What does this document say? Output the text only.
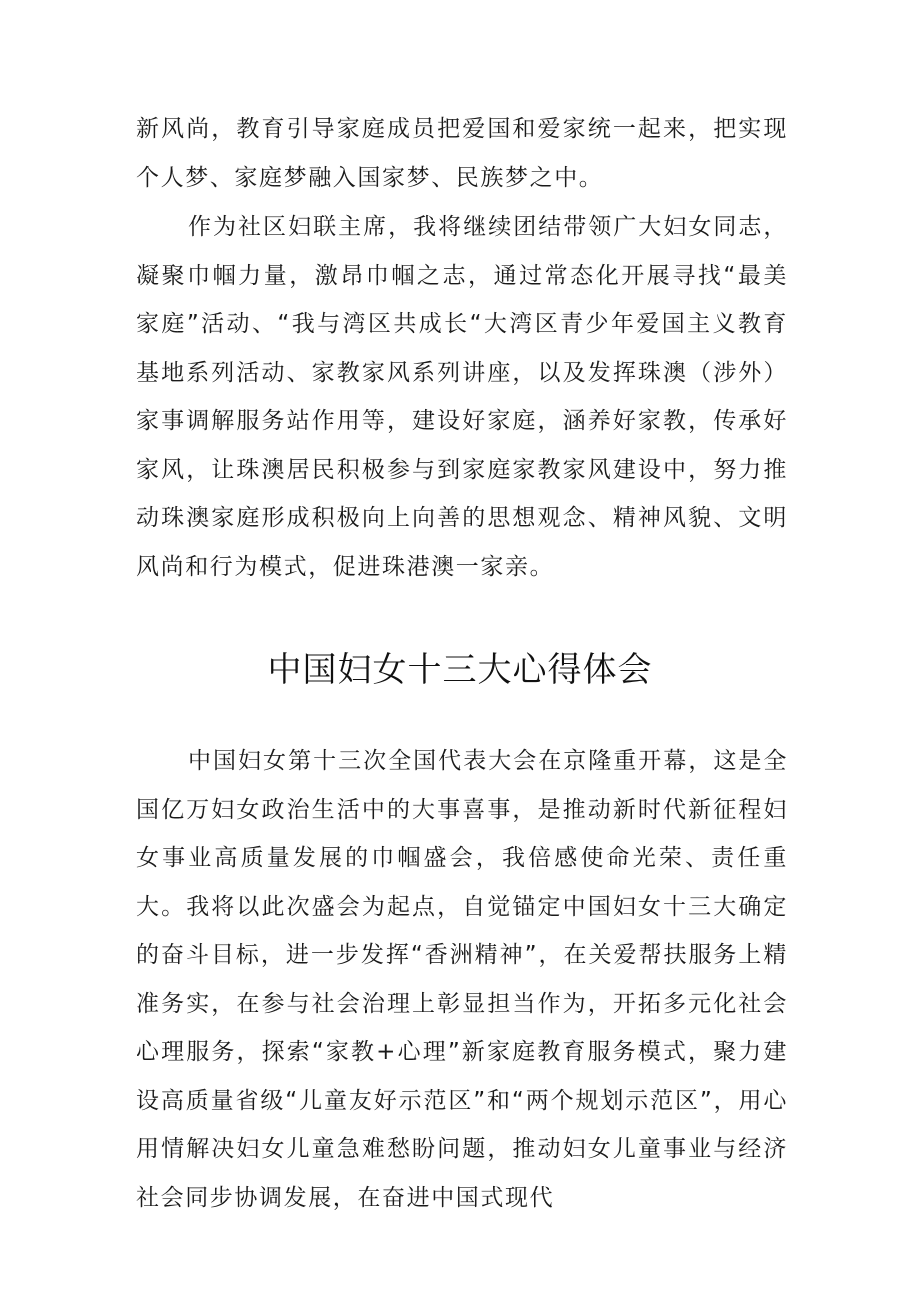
新风尚，教育引导家庭成员把爱国和爱家统一起来，把实现个人梦、家庭梦融入国家梦、民族梦之中。

作为社区妇联主席，我将继续团结带领广大妇女同志，凝聚巾帼力量，激昂巾帼之志，通过常态化开展寻找“最美家庭”活动、“我与湾区共成长“大湾区青少年爱国主义教育基地系列活动、家教家风系列讲座，以及发挥珠澳（涉外）家事调解服务站作用等，建设好家庭，涵养好家教，传承好家风，让珠澳居民积极参与到家庭家教家风建设中，努力推动珠澳家庭形成积极向上向善的思想观念、精神风貌、文明风尚和行为模式，促进珠港澳一家亲。

中国妇女十三大心得体会

中国妇女第十三次全国代表大会在京隆重开幕，这是全国亿万妇女政治生活中的大事喜事，是推动新时代新征程妇女事业高质量发展的巾帼盛会，我倍感使命光荣、责任重大。我将以此次盛会为起点，自觉锚定中国妇女十三大确定的奋斗目标，进一步发挥“香洲精神”，在关爱帮扶服务上精准务实，在参与社会治理上彰显担当作为，开拓多元化社会心理服务，探索“家教+心理”新家庭教育服务模式，聚力建设高质量省级“儿童友好示范区”和“两个规划示范区”，用心用情解决妇女儿童急难愁盼问题，推动妇女儿童事业与经济社会同步协调发展，在奋进中国式现代
